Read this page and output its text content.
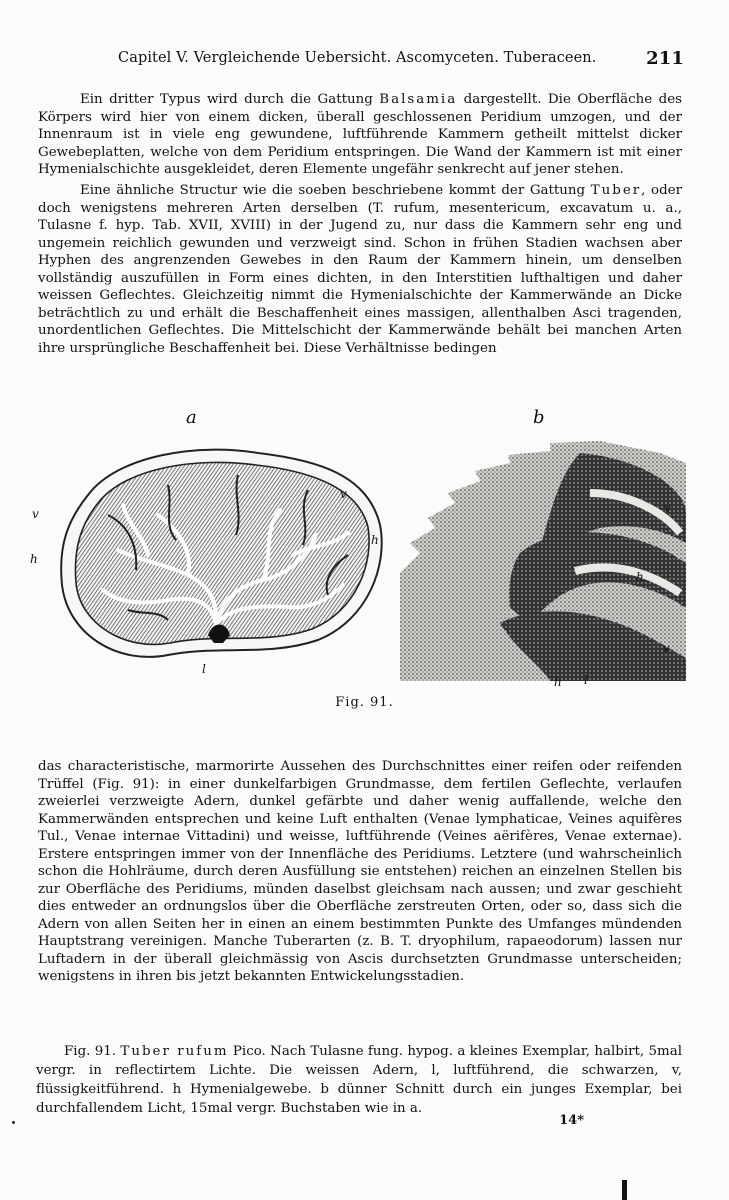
Capitel V. Vergleichende Uebersicht. Ascomyceten. Tuberaceen.	211

Ein dritter Typus wird durch die Gattung Balsamia dargestellt. Die Oberfläche des Körpers wird hier von einem dicken, überall geschlossenen Peridium umzogen, und der Innenraum ist in viele eng gewundene, luftführende Kammern getheilt mittelst dicker Gewebeplatten, welche von dem Peridium entspringen. Die Wand der Kammern ist mit einer Hymenialschichte ausgekleidet, deren Elemente ungefähr senkrecht auf jener stehen.

Eine ähnliche Structur wie die soeben beschriebene kommt der Gattung Tuber, oder doch wenigstens mehreren Arten derselben (T. rufum, mesentericum, excavatum u. a., Tulasne f. hyp. Tab. XVII, XVIII) in der Jugend zu, nur dass die Kammern sehr eng und ungemein reichlich gewunden und verzweigt sind. Schon in frühen Stadien wachsen aber Hyphen des angrenzenden Gewebes in den Raum der Kammern hinein, um denselben vollständig auszufüllen in Form eines dichten, in den Interstitien lufthaltigen und daher weissen Geflechtes. Gleichzeitig nimmt die Hymenialschichte der Kammerwände an Dicke beträchtlich zu und erhält die Beschaffenheit eines massigen, allenthalben Asci tragenden, unordentlichen Geflechtes. Die Mittelschicht der Kammerwände behält bei manchen Arten ihre ursprüngliche Beschaffenheit bei. Diese Verhältnisse bedingen

a	b
v
h
v
h
l
v
h
v
h l
Fig. 91.

das characteristische, marmorirte Aussehen des Durchschnittes einer reifen oder reifenden Trüffel (Fig. 91): in einer dunkelfarbigen Grundmasse, dem fertilen Geflechte, verlaufen zweierlei verzweigte Adern, dunkel gefärbte und daher wenig auffallende, welche den Kammerwänden entsprechen und keine Luft enthalten (Venae lymphaticae, Veines aquifères Tul., Venae internae Vittadini) und weisse, luftführende (Veines aërifères, Venae externae). Erstere entspringen immer von der Innenfläche des Peridiums. Letztere (und wahrscheinlich schon die Hohlräume, durch deren Ausfüllung sie entstehen) reichen an einzelnen Stellen bis zur Oberfläche des Peridiums, münden daselbst gleichsam nach aussen; und zwar geschieht dies entweder an ordnungslos über die Oberfläche zerstreuten Orten, oder so, dass sich die Adern von allen Seiten her in einen an einem bestimmten Punkte des Umfanges mündenden Hauptstrang vereinigen. Manche Tuberarten (z. B. T. dryophilum, rapaeodorum) lassen nur Luftadern in der überall gleichmässig von Ascis durchsetzten Grundmasse unterscheiden; wenigstens in ihren bis jetzt bekannten Entwickelungsstadien.

Fig. 91. Tuber rufum Pico. Nach Tulasne fung. hypog. a kleines Exemplar, halbirt, 5mal vergr. in reflectirtem Lichte. Die weissen Adern, l, luftführend, die schwarzen, v, flüssigkeitführend. h Hymenialgewebe. b dünner Schnitt durch ein junges Exemplar, bei durchfallendem Licht, 15mal vergr. Buchstaben wie in a.
14*
